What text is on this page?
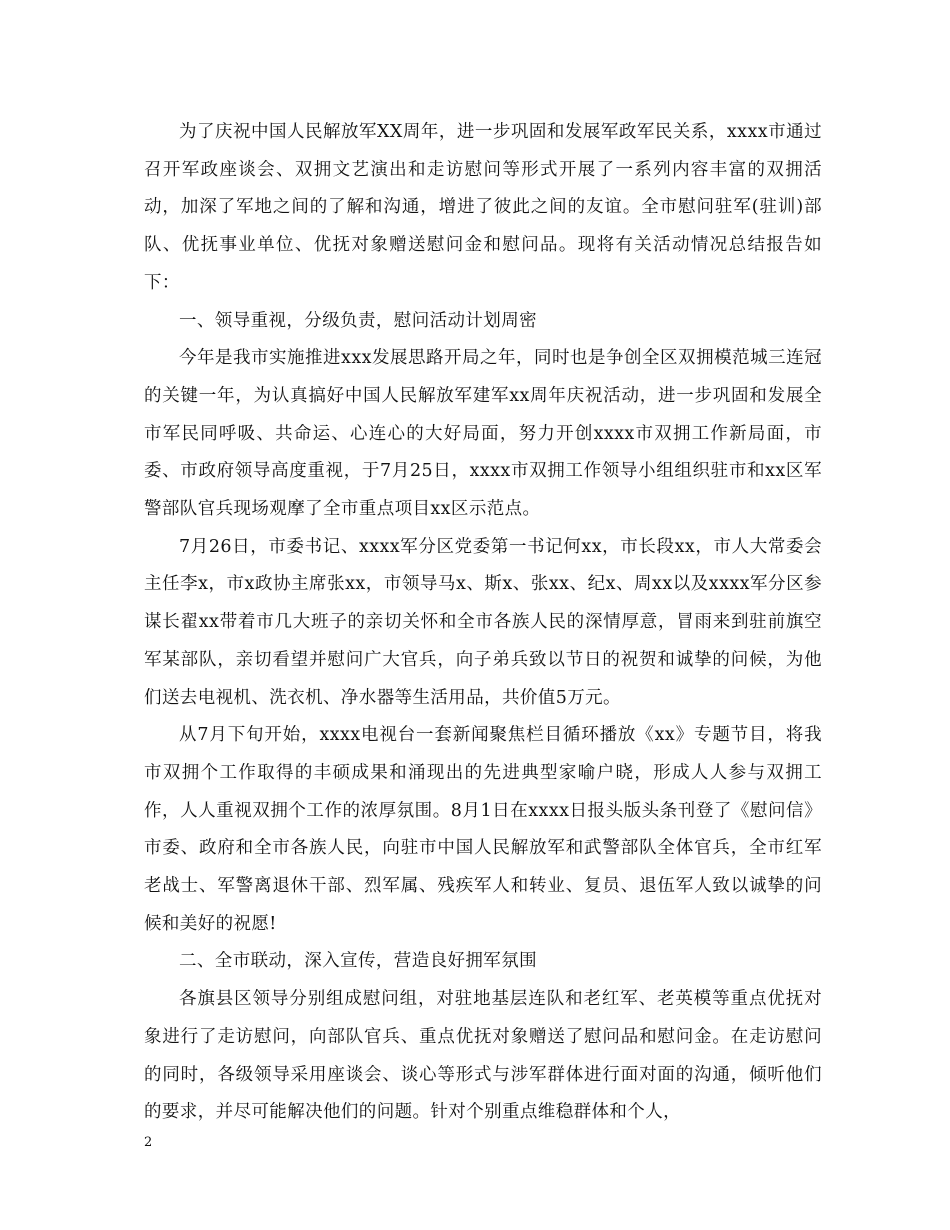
为了庆祝中国人民解放军XX周年，进一步巩固和发展军政军民关系，xxxx市通过召开军政座谈会、双拥文艺演出和走访慰问等形式开展了一系列内容丰富的双拥活动，加深了军地之间的了解和沟通，增进了彼此之间的友谊。全市慰问驻军(驻训)部队、优抚事业单位、优抚对象赠送慰问金和慰问品。现将有关活动情况总结报告如下：

一、领导重视，分级负责，慰问活动计划周密

今年是我市实施推进xxx发展思路开局之年，同时也是争创全区双拥模范城三连冠的关键一年，为认真搞好中国人民解放军建军xx周年庆祝活动，进一步巩固和发展全市军民同呼吸、共命运、心连心的大好局面，努力开创xxxx市双拥工作新局面，市委、市政府领导高度重视，于7月25日，xxxx市双拥工作领导小组组织驻市和xx区军警部队官兵现场观摩了全市重点项目xx区示范点。

7月26日，市委书记、xxxx军分区党委第一书记何xx，市长段xx，市人大常委会主任李x，市x政协主席张xx，市领导马x、斯x、张xx、纪x、周xx以及xxxx军分区参谋长翟xx带着市几大班子的亲切关怀和全市各族人民的深情厚意，冒雨来到驻前旗空军某部队，亲切看望并慰问广大官兵，向子弟兵致以节日的祝贺和诚挚的问候，为他们送去电视机、洗衣机、净水器等生活用品，共价值5万元。

从7月下旬开始，xxxx电视台一套新闻聚焦栏目循环播放《xx》专题节目，将我市双拥个工作取得的丰硕成果和涌现出的先进典型家喻户晓，形成人人参与双拥工作，人人重视双拥个工作的浓厚氛围。8月1日在xxxx日报头版头条刊登了《慰问信》市委、政府和全市各族人民，向驻市中国人民解放军和武警部队全体官兵，全市红军老战士、军警离退休干部、烈军属、残疾军人和转业、复员、退伍军人致以诚挚的问候和美好的祝愿!

二、全市联动，深入宣传，营造良好拥军氛围

各旗县区领导分别组成慰问组，对驻地基层连队和老红军、老英模等重点优抚对象进行了走访慰问，向部队官兵、重点优抚对象赠送了慰问品和慰问金。在走访慰问的同时，各级领导采用座谈会、谈心等形式与涉军群体进行面对面的沟通，倾听他们的要求，并尽可能解决他们的问题。针对个别重点维稳群体和个人，

2
